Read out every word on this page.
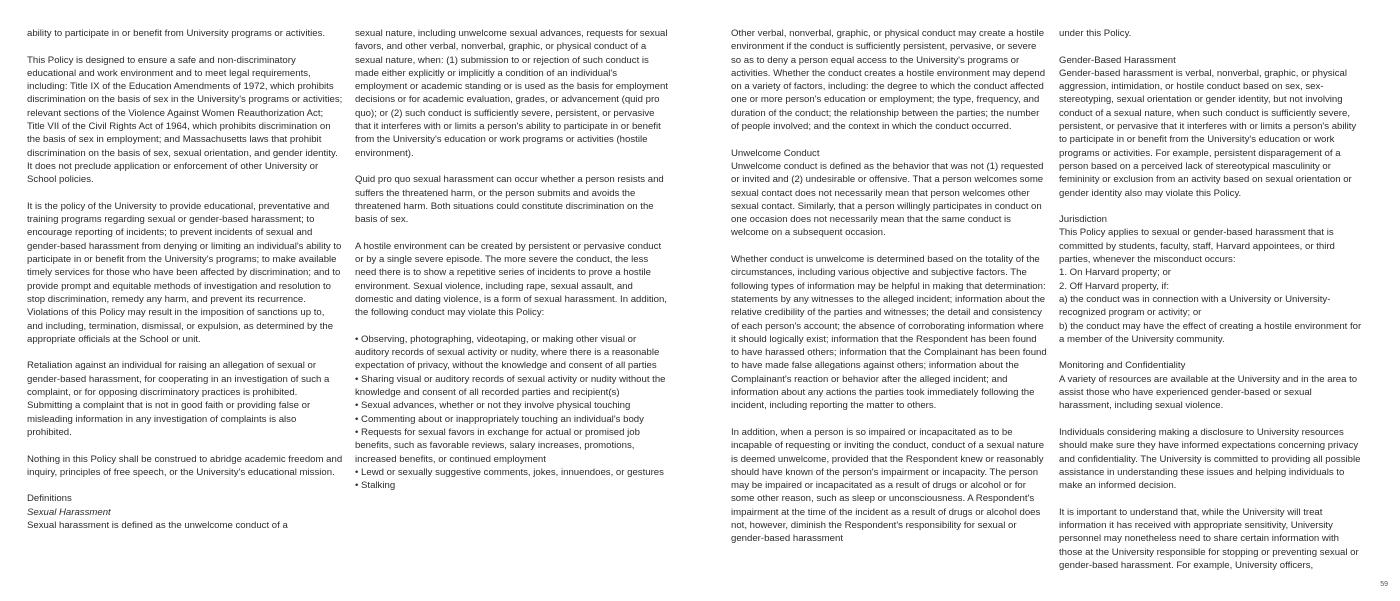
ability to participate in or benefit from University programs or activities.

This Policy is designed to ensure a safe and non-discriminatory educational and work environment and to meet legal requirements, including: Title IX of the Education Amendments of 1972, which prohibits discrimination on the basis of sex in the University's programs or activities; relevant sections of the Violence Against Women Reauthorization Act; Title VII of the Civil Rights Act of 1964, which prohibits discrimination on the basis of sex in employment; and Massachusetts laws that prohibit discrimination on the basis of sex, sexual orientation, and gender identity. It does not preclude application or enforcement of other University or School policies.

It is the policy of the University to provide educational, preventative and training programs regarding sexual or gender-based harassment; to encourage reporting of incidents; to prevent incidents of sexual and gender-based harassment from denying or limiting an individual's ability to participate in or benefit from the University's programs; to make available timely services for those who have been affected by discrimination; and to provide prompt and equitable methods of investigation and resolution to stop discrimination, remedy any harm, and prevent its recurrence. Violations of this Policy may result in the imposition of sanctions up to, and including, termination, dismissal, or expulsion, as determined by the appropriate officials at the School or unit.

Retaliation against an individual for raising an allegation of sexual or gender-based harassment, for cooperating in an investigation of such a complaint, or for opposing discriminatory practices is prohibited. Submitting a complaint that is not in good faith or providing false or misleading information in any investigation of complaints is also prohibited.

Nothing in this Policy shall be construed to abridge academic freedom and inquiry, principles of free speech, or the University's educational mission.

Definitions
Sexual Harassment
Sexual harassment is defined as the unwelcome conduct of a

sexual nature, including unwelcome sexual advances, requests for sexual favors, and other verbal, nonverbal, graphic, or physical conduct of a sexual nature, when: (1) submission to or rejection of such conduct is made either explicitly or implicitly a condition of an individual's employment or academic standing or is used as the basis for employment decisions or for academic evaluation, grades, or advancement (quid pro quo); or (2) such conduct is sufficiently severe, persistent, or pervasive that it interferes with or limits a person's ability to participate in or benefit from the University's education or work programs or activities (hostile environment).

Quid pro quo sexual harassment can occur whether a person resists and suffers the threatened harm, or the person submits and avoids the threatened harm. Both situations could constitute discrimination on the basis of sex.

A hostile environment can be created by persistent or pervasive conduct or by a single severe episode. The more severe the conduct, the less need there is to show a repetitive series of incidents to prove a hostile environment. Sexual violence, including rape, sexual assault, and domestic and dating violence, is a form of sexual harassment. In addition, the following conduct may violate this Policy:

• Observing, photographing, videotaping, or making other visual or auditory records of sexual activity or nudity, where there is a reasonable expectation of privacy, without the knowledge and consent of all parties
• Sharing visual or auditory records of sexual activity or nudity without the knowledge and consent of all recorded parties and recipient(s)
• Sexual advances, whether or not they involve physical touching
• Commenting about or inappropriately touching an individual's body
• Requests for sexual favors in exchange for actual or promised job benefits, such as favorable reviews, salary increases, promotions, increased benefits, or continued employment
• Lewd or sexually suggestive comments, jokes, innuendoes, or gestures
• Stalking

Other verbal, nonverbal, graphic, or physical conduct may create a hostile environment if the conduct is sufficiently persistent, pervasive, or severe so as to deny a person equal access to the University's programs or activities. Whether the conduct creates a hostile environment may depend on a variety of factors, including: the degree to which the conduct affected one or more person's education or employment; the type, frequency, and duration of the conduct; the relationship between the parties; the number of people involved; and the context in which the conduct occurred.

Unwelcome Conduct
Unwelcome conduct is defined as the behavior that was not (1) requested or invited and (2) undesirable or offensive. That a person welcomes some sexual contact does not necessarily mean that person welcomes other sexual contact. Similarly, that a person willingly participates in conduct on one occasion does not necessarily mean that the same conduct is welcome on a subsequent occasion.

Whether conduct is unwelcome is determined based on the totality of the circumstances, including various objective and subjective factors. The following types of information may be helpful in making that determination: statements by any witnesses to the alleged incident; information about the relative credibility of the parties and witnesses; the detail and consistency of each person's account; the absence of corroborating information where it should logically exist; information that the Respondent has been found to have harassed others; information that the Complainant has been found to have made false allegations against others; information about the Complainant's reaction or behavior after the alleged incident; and information about any actions the parties took immediately following the incident, including reporting the matter to others.

In addition, when a person is so impaired or incapacitated as to be incapable of requesting or inviting the conduct, conduct of a sexual nature is deemed unwelcome, provided that the Respondent knew or reasonably should have known of the person's impairment or incapacity. The person may be impaired or incapacitated as a result of drugs or alcohol or for some other reason, such as sleep or unconsciousness. A Respondent's impairment at the time of the incident as a result of drugs or alcohol does not, however, diminish the Respondent's responsibility for sexual or gender-based harassment

under this Policy.

Gender-Based Harassment
Gender-based harassment is verbal, nonverbal, graphic, or physical aggression, intimidation, or hostile conduct based on sex, sex-stereotyping, sexual orientation or gender identity, but not involving conduct of a sexual nature, when such conduct is sufficiently severe, persistent, or pervasive that it interferes with or limits a person's ability to participate in or benefit from the University's education or work programs or activities. For example, persistent disparagement of a person based on a perceived lack of stereotypical masculinity or femininity or exclusion from an activity based on sexual orientation or gender identity also may violate this Policy.

Jurisdiction
This Policy applies to sexual or gender-based harassment that is committed by students, faculty, staff, Harvard appointees, or third parties, whenever the misconduct occurs:
1. On Harvard property; or
2. Off Harvard property, if:
a) the conduct was in connection with a University or University-recognized program or activity; or
b) the conduct may have the effect of creating a hostile environment for a member of the University community.

Monitoring and Confidentiality
A variety of resources are available at the University and in the area to assist those who have experienced gender-based or sexual harassment, including sexual violence.

Individuals considering making a disclosure to University resources should make sure they have informed expectations concerning privacy and confidentiality. The University is committed to providing all possible assistance in understanding these issues and helping individuals to make an informed decision.

It is important to understand that, while the University will treat information it has received with appropriate sensitivity, University personnel may nonetheless need to share certain information with those at the University responsible for stopping or preventing sexual or gender-based harassment. For example, University officers,

59
